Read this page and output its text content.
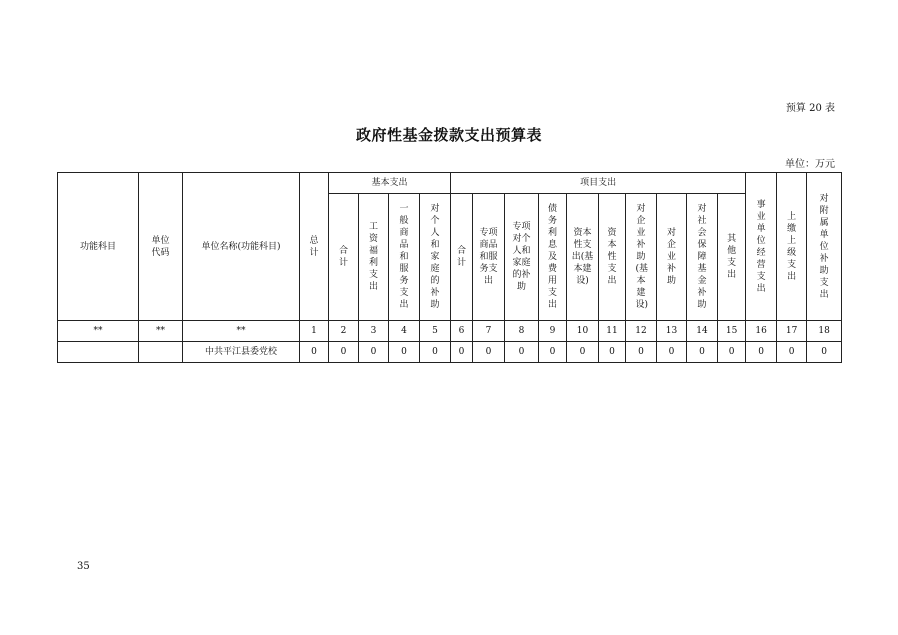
预算 20 表
政府性基金拨款支出预算表
单位：万元
功能科目	单位代码	单位名称(功能科目)	总计	基本支出				项目支出										事业单位经营支出	上缴上级支出	对附属单位补助支出
				合计	工资福利支出	一般商品和服务支出	对个人和家庭的补助	合计	专项商品和服务支出	专项对个人和家庭的补助	债务利息及费用支出	资本性支出(基本建设)	资本性支出	对企业补助(基本建设)	对企业补助	对社会保障基金补助	其他支出			
**	**	**	1	2	3	4	5	6	7	8	9	10	11	12	13	14	15	16	17	18
		中共平江县委党校	0	0	0	0	0	0	0	0	0	0	0	0	0	0	0	0	0	0
35
